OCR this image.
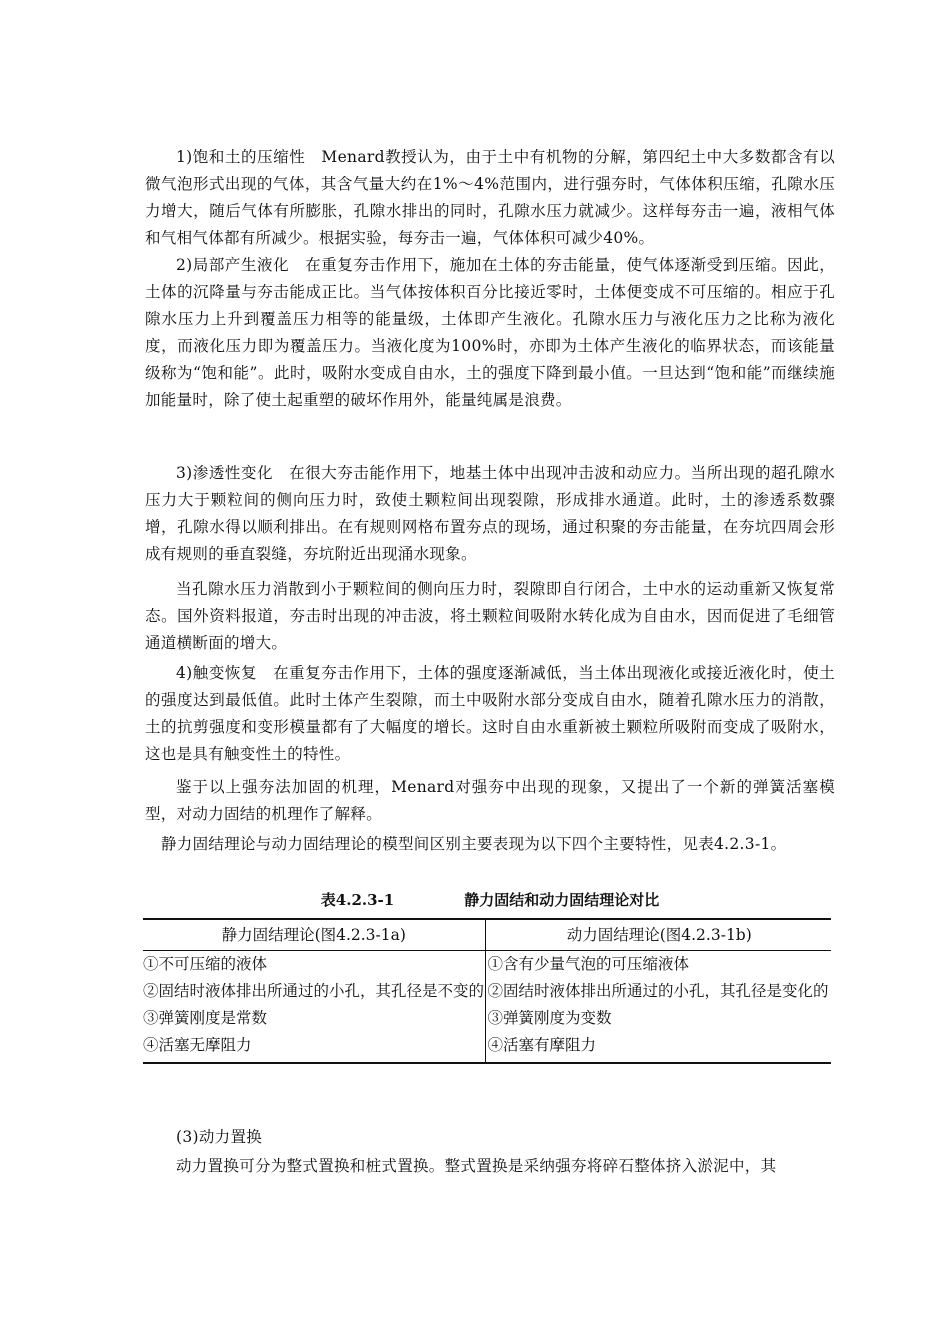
1)饱和土的压缩性　Menard教授认为，由于土中有机物的分解，第四纪土中大多数都含有以微气泡形式出现的气体，其含气量大约在1%～4%范围内，进行强夯时，气体体积压缩，孔隙水压力增大，随后气体有所膨胀，孔隙水排出的同时，孔隙水压力就减少。这样每夯击一遍，液相气体和气相气体都有所减少。根据实验，每夯击一遍，气体体积可减少40%。

2)局部产生液化　在重复夯击作用下，施加在土体的夯击能量，使气体逐渐受到压缩。因此，土体的沉降量与夯击能成正比。当气体按体积百分比接近零时，土体便变成不可压缩的。相应于孔隙水压力上升到覆盖压力相等的能量级，土体即产生液化。孔隙水压力与液化压力之比称为液化度，而液化压力即为覆盖压力。当液化度为100%时，亦即为土体产生液化的临界状态，而该能量级称为“饱和能”。此时，吸附水变成自由水，土的强度下降到最小值。一旦达到“饱和能”而继续施加能量时，除了使土起重塑的破坏作用外，能量纯属是浪费。

3)渗透性变化　在很大夯击能作用下，地基土体中出现冲击波和动应力。当所出现的超孔隙水压力大于颗粒间的侧向压力时，致使土颗粒间出现裂隙，形成排水通道。此时，土的渗透系数骤增，孔隙水得以顺利排出。在有规则网格布置夯点的现场，通过积聚的夯击能量，在夯坑四周会形成有规则的垂直裂缝，夯坑附近出现涌水现象。

当孔隙水压力消散到小于颗粒间的侧向压力时，裂隙即自行闭合，土中水的运动重新又恢复常态。国外资料报道，夯击时出现的冲击波，将土颗粒间吸附水转化成为自由水，因而促进了毛细管通道横断面的增大。

4)触变恢复　在重复夯击作用下，土体的强度逐渐减低，当土体出现液化或接近液化时，使土的强度达到最低值。此时土体产生裂隙，而土中吸附水部分变成自由水，随着孔隙水压力的消散，土的抗剪强度和变形模量都有了大幅度的增长。这时自由水重新被土颗粒所吸附而变成了吸附水，这也是具有触变性土的特性。

鉴于以上强夯法加固的机理，Menard对强夯中出现的现象，又提出了一个新的弹簧活塞模型，对动力固结的机理作了解释。

静力固结理论与动力固结理论的模型间区别主要表现为以下四个主要特性，见表4.2.3-1。

表4.2.3-1	静力固结和动力固结理论对比
静力固结理论(图4.2.3-1a)	动力固结理论(图4.2.3-1b)
①不可压缩的液体	①含有少量气泡的可压缩液体
②固结时液体排出所通过的小孔，其孔径是不变的	②固结时液体排出所通过的小孔，其孔径是变化的
③弹簧刚度是常数	③弹簧刚度为变数
④活塞无摩阻力	④活塞有摩阻力

(3)动力置换

动力置换可分为整式置换和桩式置换。整式置换是采纳强夯将碎石整体挤入淤泥中，其
